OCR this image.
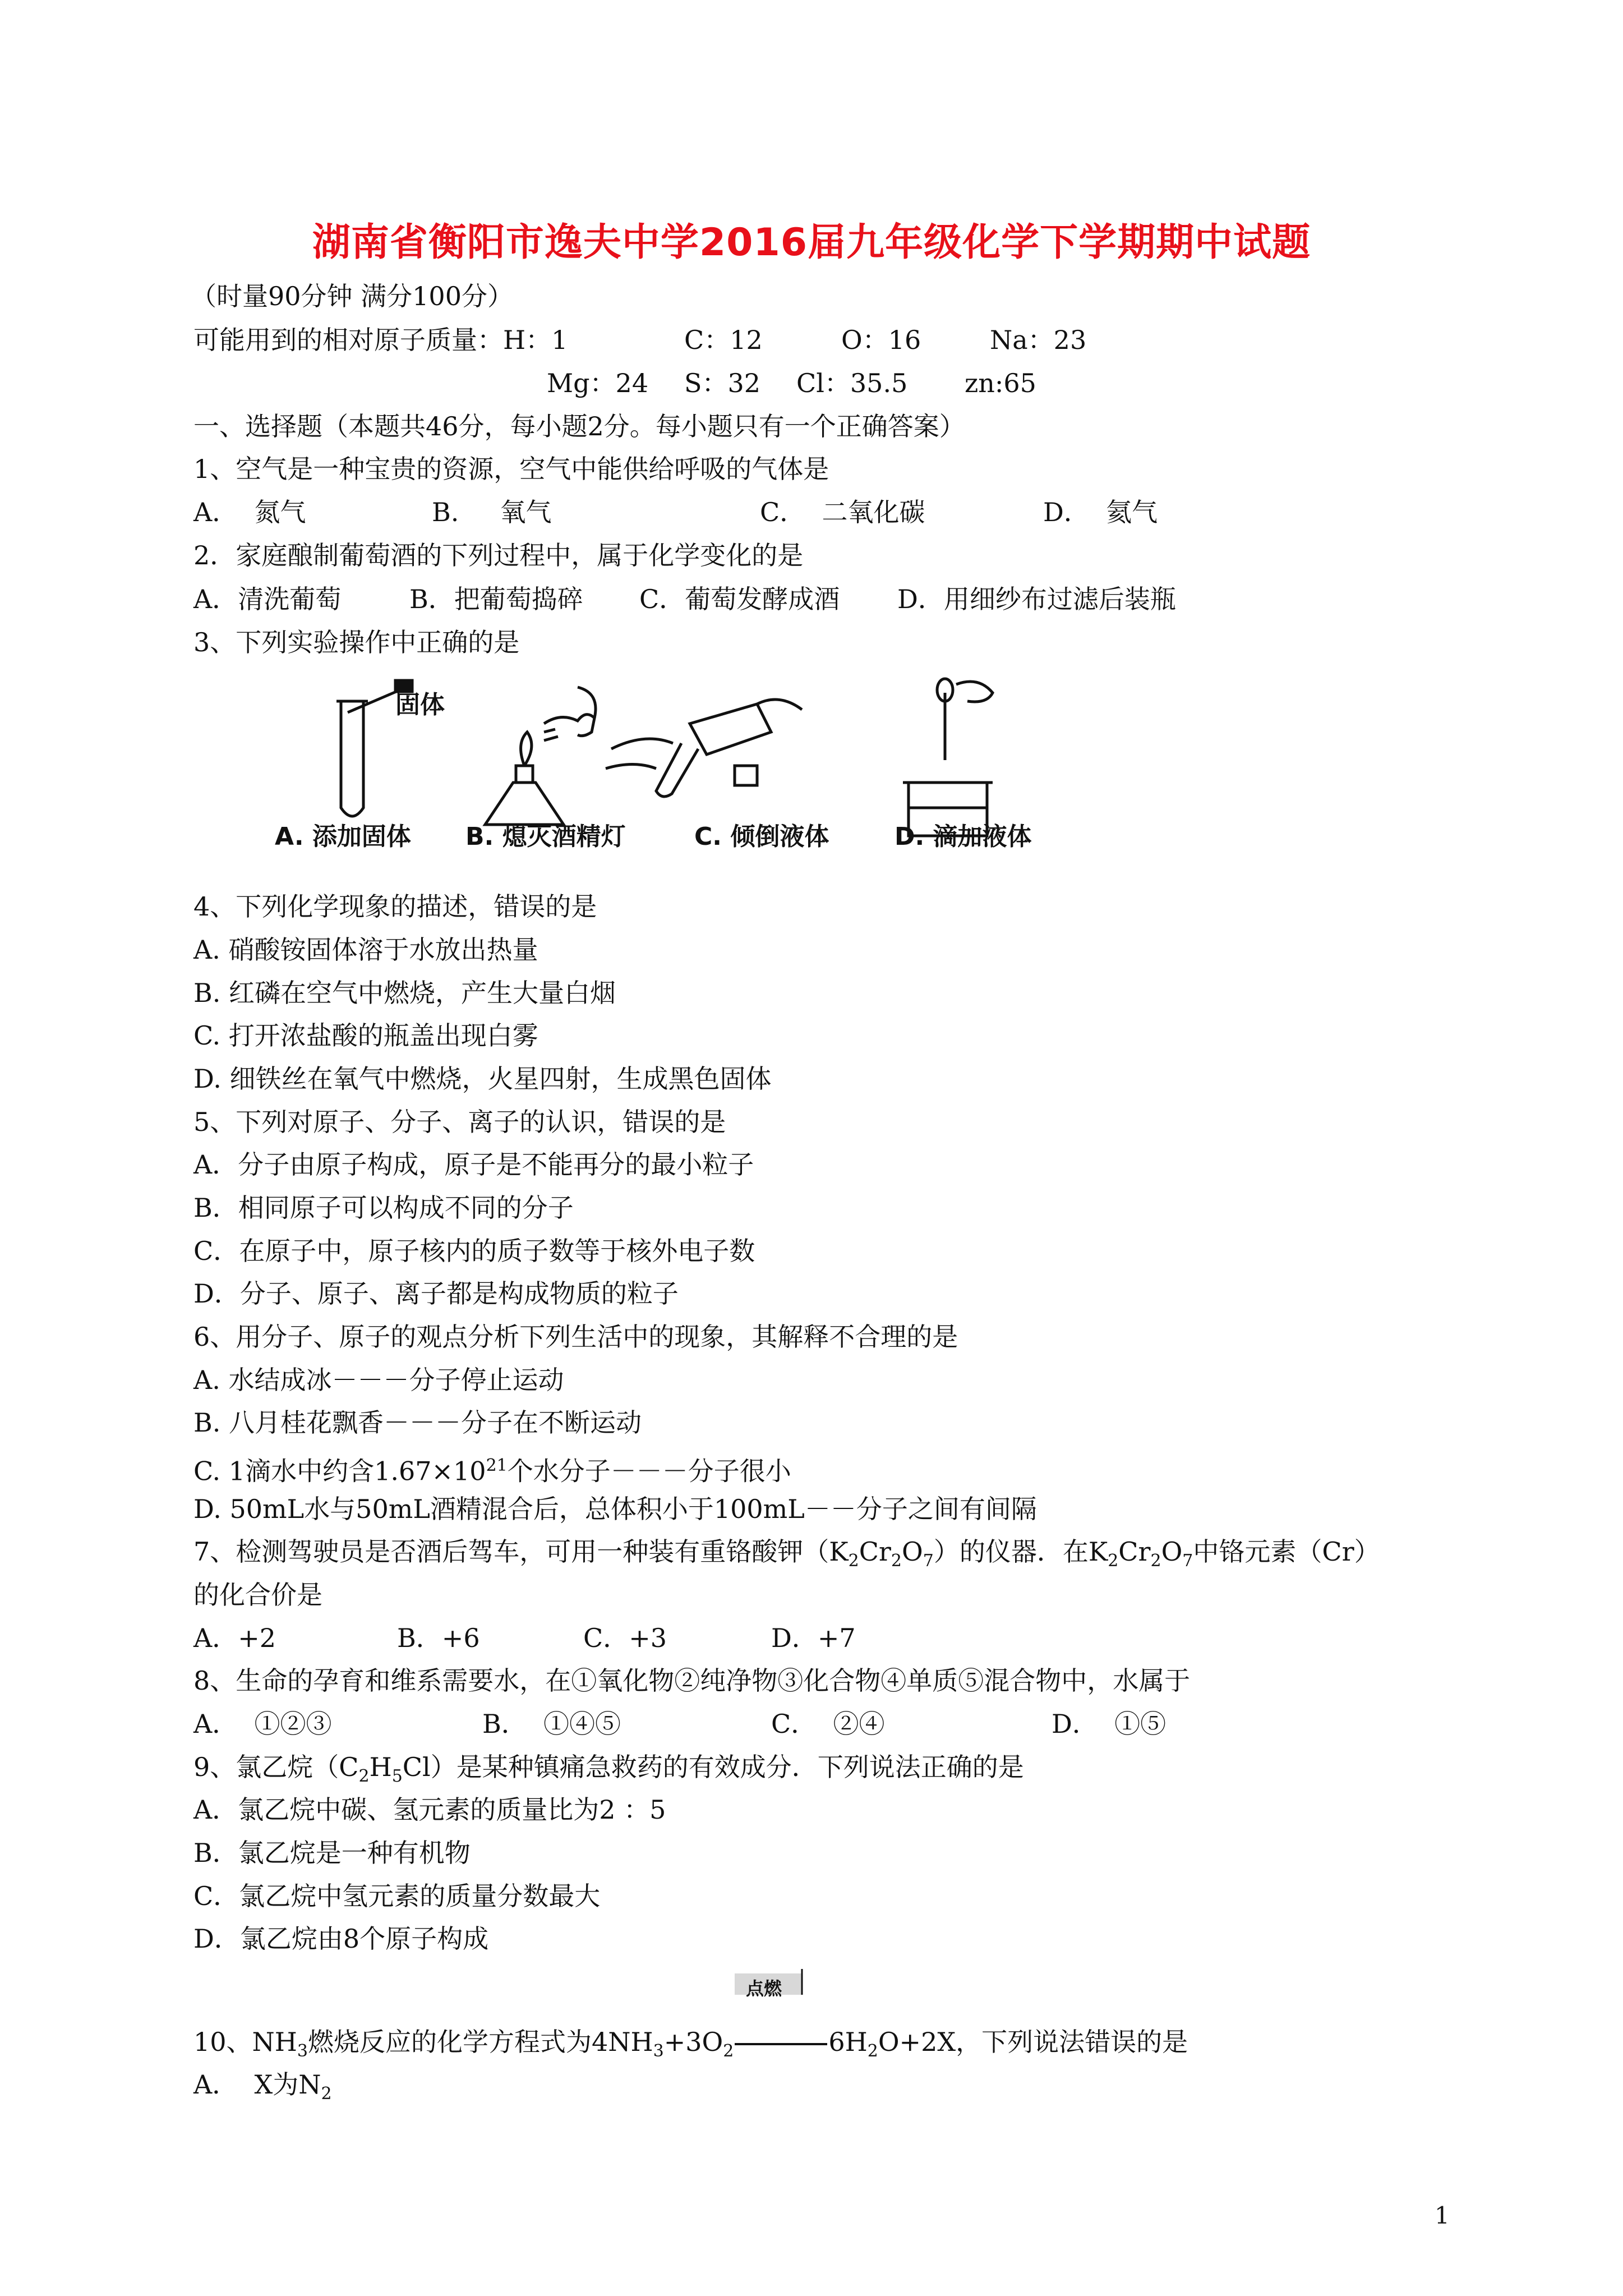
湖南省衡阳市逸夫中学2016届九年级化学下学期期中试题
（时量90分钟 满分100分）
可能用到的相对原子质量：H：1	C：12	O：16	Na：23
Mg：24 S：32 Cl：35.5 zn:65
一、选择题（本题共46分，每小题2分。每小题只有一个正确答案）
1、空气是一种宝贵的资源，空气中能供给呼吸的气体是
A．  氮气	B.     氧气	C．  二氧化碳	D．  氦气
2．家庭酿制葡萄酒的下列过程中，属于化学变化的是
A．清洗葡萄	B．把葡萄捣碎 C．葡萄发酵成酒 D．用细纱布过滤后装瓶
3、下列实验操作中正确的是
固体
A. 添加固体 B. 熄灭酒精灯	C. 倾倒液体	D. 滴加液体
4、下列化学现象的描述，错误的是
A. 硝酸铵固体溶于水放出热量
B. 红磷在空气中燃烧，产生大量白烟
C. 打开浓盐酸的瓶盖出现白雾
D. 细铁丝在氧气中燃烧，火星四射，生成黑色固体
5、下列对原子、分子、离子的认识，错误的是
A．分子由原子构成，原子是不能再分的最小粒子
B．相同原子可以构成不同的分子
C．在原子中，原子核内的质子数等于核外电子数
D．分子、原子、离子都是构成物质的粒子
6、用分子、原子的观点分析下列生活中的现象，其解释不合理的是
A. 水结成冰－－－分子停止运动
B. 八月桂花飘香－－－分子在不断运动
C. 1滴水中约含$1.67\times 10^{21}$个水分子－－－分子很小
D. 50mL水与50mL酒精混合后，总体积小于100mL－－分子之间有间隔
7、检测驾驶员是否酒后驾车，可用一种装有重铬酸钾$(K_2Cr_2O_7)$的仪器．在$K_2Cr_2O_7$中铬元素（Cr）
的化合价是
A．+2	B．+6	C．+3	D．+7
8、生命的孕育和维系需要水，在①氧化物②纯净物③化合物④单质⑤混合物中，水属于
A．  ①②③	B．  ①④⑤	C．  ②④	D．  ①⑤
9、氯乙烷$(C_2H_5Cl)$是某种镇痛急救药的有效成分．下列说法正确的是
A．氯乙烷中碳、氢元素的质量比为2 ：5
B．氯乙烷是一种有机物
C．氯乙烷中氢元素的质量分数最大
D．氯乙烷由8个原子构成
点燃
10、$NH_3$燃烧反应的化学方程式为$4NH_3+3O_2$	$6H_2O+2X$，下列说法错误的是
A．  X为$N_2$
1
